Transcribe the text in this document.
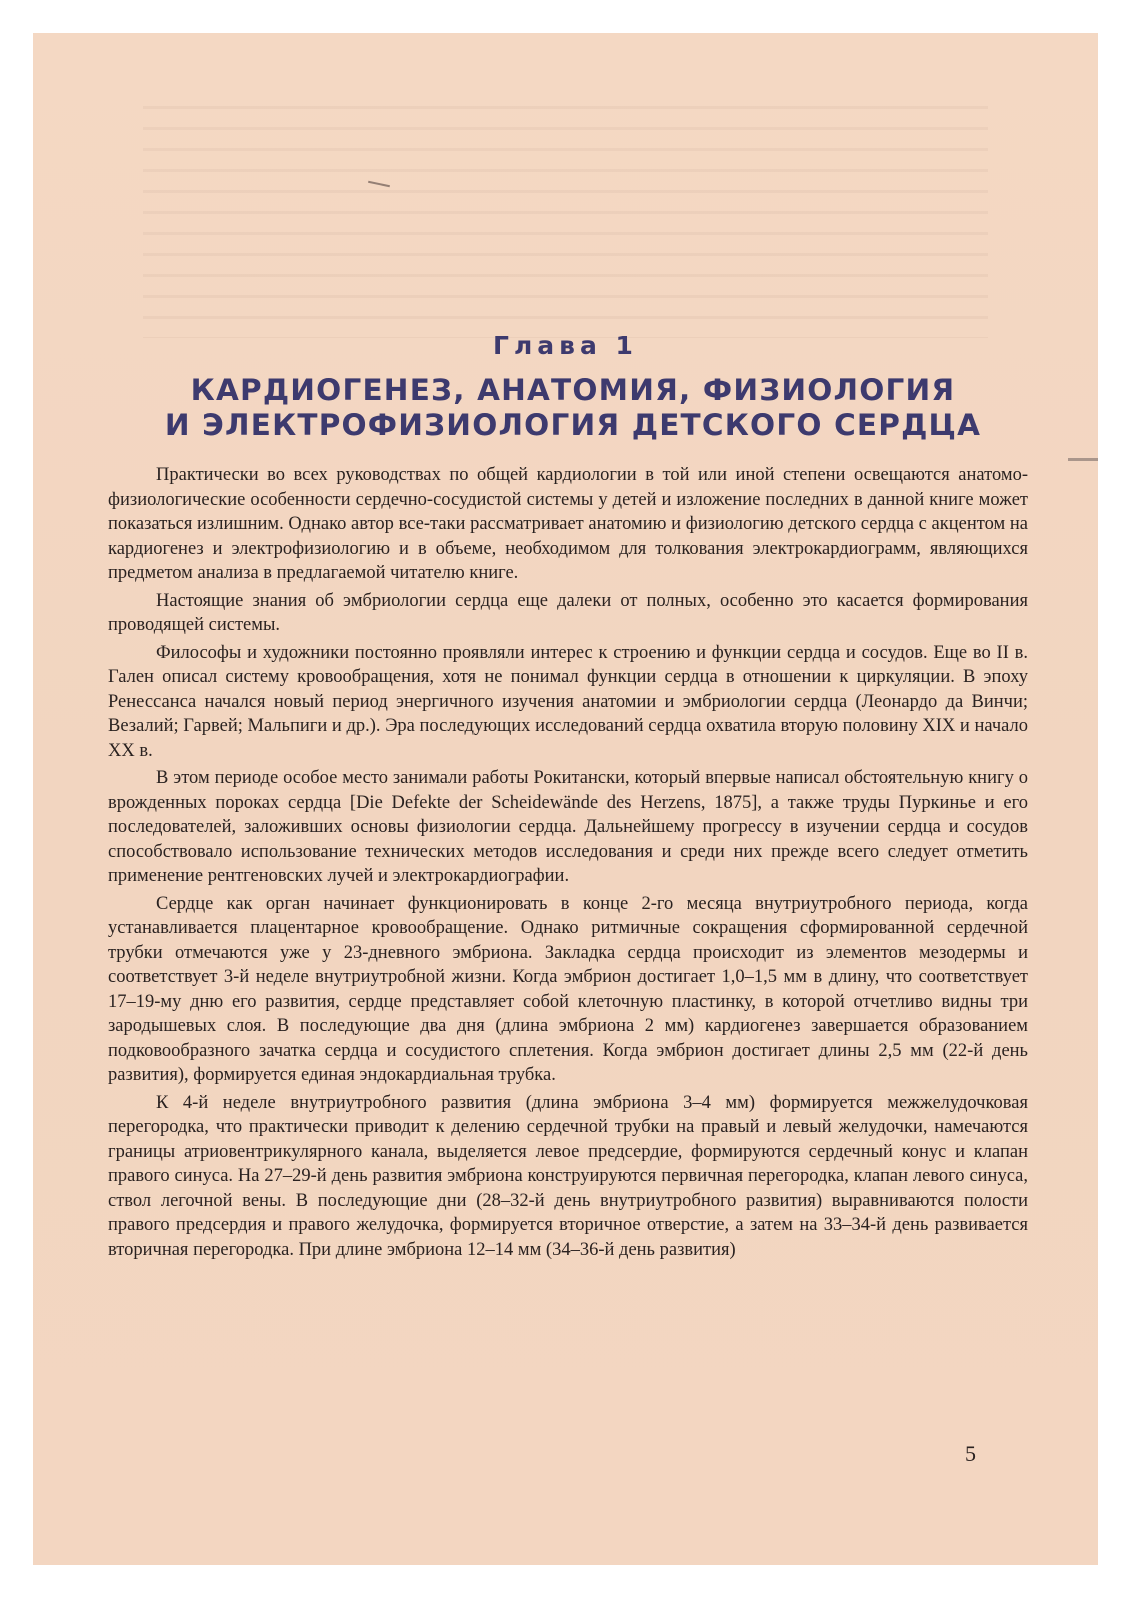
Глава 1
КАРДИОГЕНЕЗ, АНАТОМИЯ, ФИЗИОЛОГИЯ
И ЭЛЕКТРОФИЗИОЛОГИЯ ДЕТСКОГО СЕРДЦА

Практически во всех руководствах по общей кардиологии в той или иной степени освещаются анатомо-физиологические особенности сердечно-сосудистой системы у детей и изложение последних в данной книге может показаться излишним. Однако автор все-таки рассматривает анатомию и физиологию детского сердца с акцентом на кардиогенез и электрофизиологию и в объеме, необходимом для толкования электрокардиограмм, являющихся предметом анализа в предлагаемой читателю книге.

Настоящие знания об эмбриологии сердца еще далеки от полных, особенно это касается формирования проводящей системы.

Философы и художники постоянно проявляли интерес к строению и функции сердца и сосудов. Еще во II в. Гален описал систему кровообращения, хотя не понимал функции сердца в отношении к циркуляции. В эпоху Ренессанса начался новый период энергичного изучения анатомии и эмбриологии сердца (Леонардо да Винчи; Везалий; Гарвей; Мальпиги и др.). Эра последующих исследований сердца охватила вторую половину XIX и начало XX в.

В этом периоде особое место занимали работы Рокитански, который впервые написал обстоятельную книгу о врожденных пороках сердца [Die Defekte der Scheidewände des Herzens, 1875], а также труды Пуркинье и его последователей, заложивших основы физиологии сердца. Дальнейшему прогрессу в изучении сердца и сосудов способствовало использование технических методов исследования и среди них прежде всего следует отметить применение рентгеновских лучей и электрокардиографии.

Сердце как орган начинает функционировать в конце 2-го месяца внутриутробного периода, когда устанавливается плацентарное кровообращение. Однако ритмичные сокращения сформированной сердечной трубки отмечаются уже у 23-дневного эмбриона. Закладка сердца происходит из элементов мезодермы и соответствует 3-й неделе внутриутробной жизни. Когда эмбрион достигает 1,0–1,5 мм в длину, что соответствует 17–19-му дню его развития, сердце представляет собой клеточную пластинку, в которой отчетливо видны три зародышевых слоя. В последующие два дня (длина эмбриона 2 мм) кардиогенез завершается образованием подковообразного зачатка сердца и сосудистого сплетения. Когда эмбрион достигает длины 2,5 мм (22-й день развития), формируется единая эндокардиальная трубка.

К 4-й неделе внутриутробного развития (длина эмбриона 3–4 мм) формируется межжелудочковая перегородка, что практически приводит к делению сердечной трубки на правый и левый желудочки, намечаются границы атриовентрикулярного канала, выделяется левое предсердие, формируются сердечный конус и клапан правого синуса. На 27–29-й день развития эмбриона конструируются первичная перегородка, клапан левого синуса, ствол легочной вены. В последующие дни (28–32-й день внутриутробного развития) выравниваются полости правого предсердия и правого желудочка, формируется вторичное отверстие, а затем на 33–34-й день развивается вторичная перегородка. При длине эмбриона 12–14 мм (34–36-й день развития)

5
